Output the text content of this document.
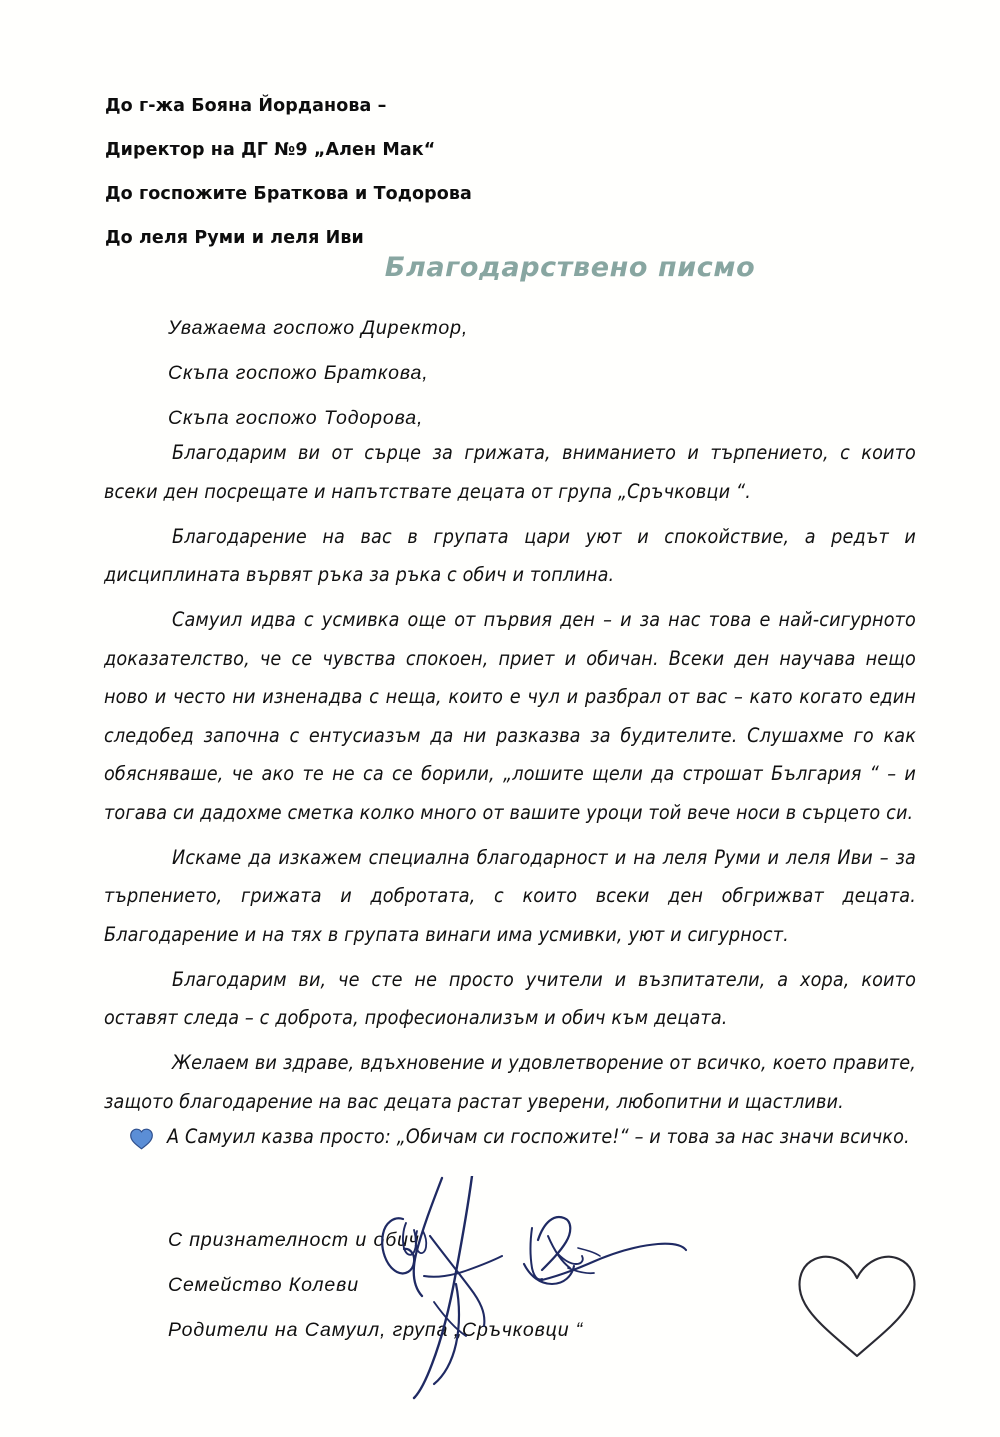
До г-жа Бояна Йорданова –
Директор на ДГ №9 „Ален Мак“
До госпожите Браткова и Тодорова
До леля Руми и леля Иви
Благодарствено писмо
Уважаема госпожо Директор,
Скъпа госпожо Браткова,
Скъпа госпожо Тодорова,

Благодарим ви от сърце за грижата, вниманието и търпението, с които всеки ден посрещате и напътствате децата от група „Сръчковци “.

Благодарение на вас в групата цари уют и спокойствие, а редът и дисциплината вървят ръка за ръка с обич и топлина.

Самуил идва с усмивка още от първия ден – и за нас това е най-сигурното доказателство, че се чувства спокоен, приет и обичан. Всеки ден научава нещо ново и често ни изненадва с неща, които е чул и разбрал от вас – като когато един следобед започна с ентусиазъм да ни разказва за будителите. Слушахме го как обясняваше, че ако те не са се борили, „лошите щели да строшат България “ – и тогава си дадохме сметка колко много от вашите уроци той вече носи в сърцето си.

Искаме да изкажем специална благодарност и на леля Руми и леля Иви – за търпението, грижата и добротата, с които всеки ден обгрижват децата. Благодарение и на тях в групата винаги има усмивки, уют и сигурност.

Благодарим ви, че сте не просто учители и възпитатели, а хора, които оставят следа – с доброта, професионализъм и обич към децата.

Желаем ви здраве, вдъхновение и удовлетворение от всичко, което правите, защото благодарение на вас децата растат уверени, любопитни и щастливи.

А Самуил казва просто: „Обичам си госпожите!“ – и това за нас значи всичко.
С признателност и обич
Семейство Колеви
Родители на Самуил, група „Сръчковци “
